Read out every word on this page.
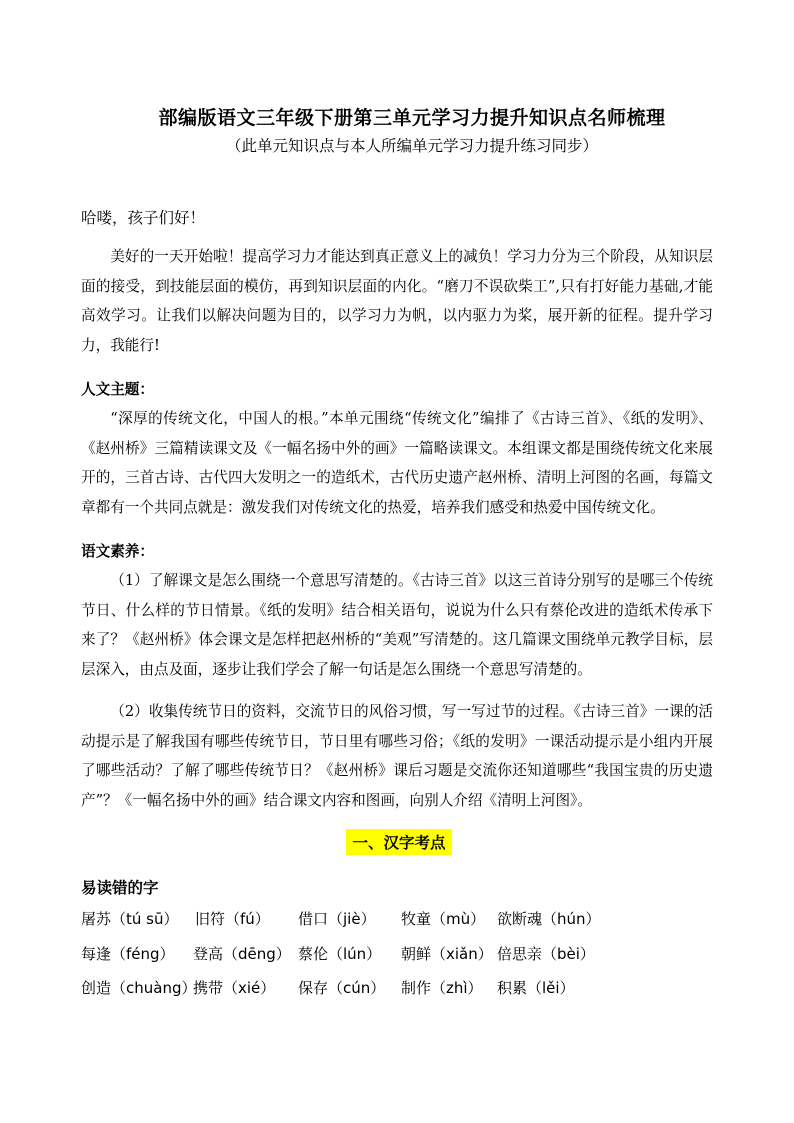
部编版语文三年级下册第三单元学习力提升知识点名师梳理
（此单元知识点与本人所编单元学习力提升练习同步）
哈喽，孩子们好！
美好的一天开始啦！提高学习力才能达到真正意义上的减负！学习力分为三个阶段，从知识层面的接受，到技能层面的模仿，再到知识层面的内化。“磨刀不误砍柴工”,只有打好能力基础,才能高效学习。让我们以解决问题为目的，以学习力为帆，以内驱力为桨，展开新的征程。提升学习力，我能行!
人文主题：
“深厚的传统文化，中国人的根。”本单元围绕“传统文化”编排了《古诗三首》、《纸的发明》、《赵州桥》三篇精读课文及《一幅名扬中外的画》一篇略读课文。本组课文都是围绕传统文化来展开的，三首古诗、古代四大发明之一的造纸术，古代历史遗产赵州桥、清明上河图的名画，每篇文章都有一个共同点就是：激发我们对传统文化的热爱，培养我们感受和热爱中国传统文化。
语文素养：
（1）了解课文是怎么围绕一个意思写清楚的。《古诗三首》以这三首诗分别写的是哪三个传统节日、什么样的节日情景。《纸的发明》结合相关语句，说说为什么只有蔡伦改进的造纸术传承下来了？《赵州桥》体会课文是怎样把赵州桥的“美观”写清楚的。这几篇课文围绕单元教学目标，层层深入，由点及面，逐步让我们学会了解一句话是怎么围绕一个意思写清楚的。
（2）收集传统节日的资料，交流节日的风俗习惯，写一写过节的过程。《古诗三首》一课的活动提示是了解我国有哪些传统节日，节日里有哪些习俗；《纸的发明》一课活动提示是小组内开展了哪些活动？了解了哪些传统节日？《赵州桥》课后习题是交流你还知道哪些“我国宝贵的历史遗产”？《一幅名扬中外的画》结合课文内容和图画，向别人介绍《清明上河图》。
一、汉字考点
易读错的字
屠苏（tú sū） 旧符（fú） 借口（jiè） 牧童（mù） 欲断魂（hún）
每逢（féng） 登高（dēng） 蔡伦（lún） 朝鲜（xiǎn） 倍思亲（bèi）
创造（chuàng）
携带（xié） 保存（cún） 制作（zhì） 积累（lěi）
